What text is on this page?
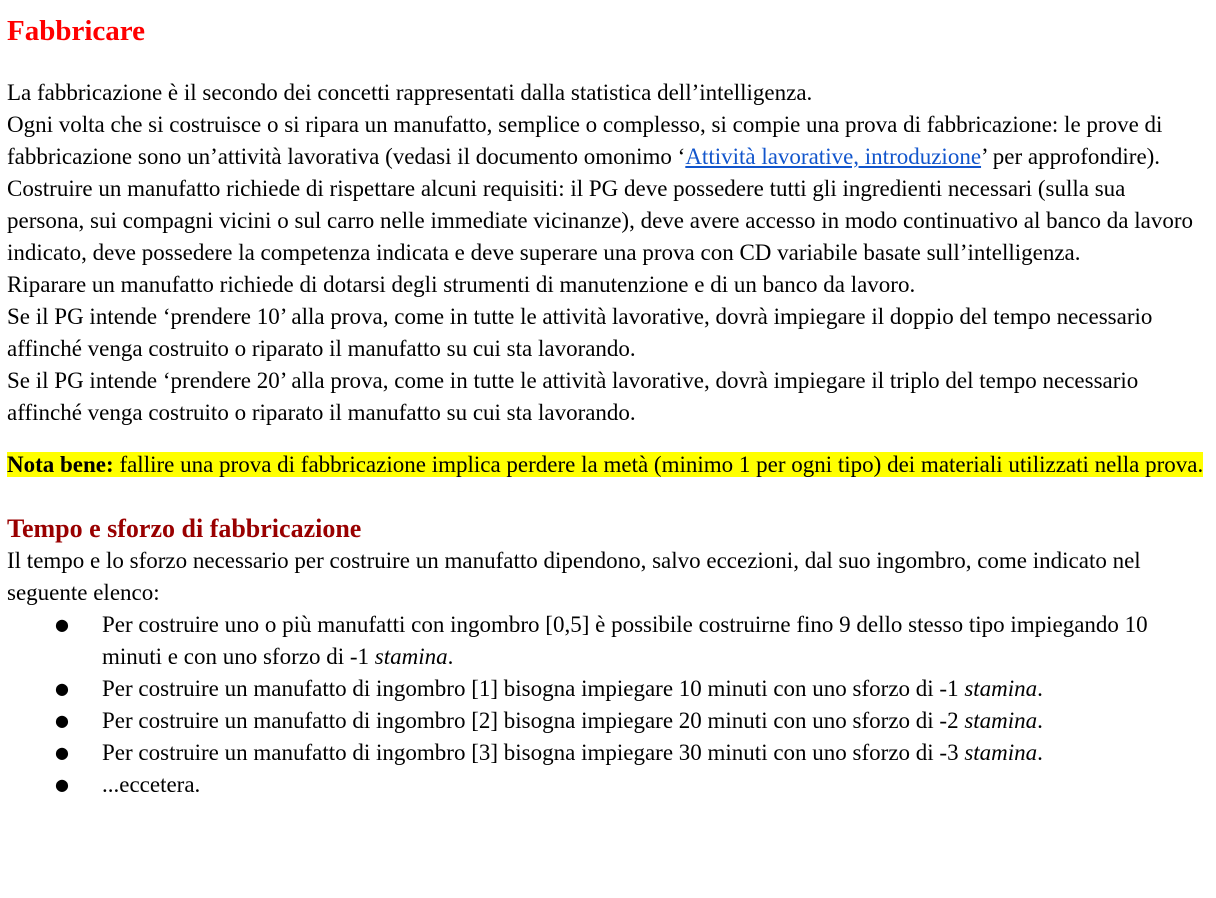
Fabbricare

La fabbricazione è il secondo dei concetti rappresentati dalla statistica dell’intelligenza.

Ogni volta che si costruisce o si ripara un manufatto, semplice o complesso, si compie una prova di fabbricazione: le prove di fabbricazione sono un’attività lavorativa (vedasi il documento omonimo ‘Attività lavorative, introduzione’ per approfondire).

Costruire un manufatto richiede di rispettare alcuni requisiti: il PG deve possedere tutti gli ingredienti necessari (sulla sua persona, sui compagni vicini o sul carro nelle immediate vicinanze), deve avere accesso in modo continuativo al banco da lavoro indicato, deve possedere la competenza indicata e deve superare una prova con CD variabile basate sull’intelligenza.

Riparare un manufatto richiede di dotarsi degli strumenti di manutenzione e di un banco da lavoro.

Se il PG intende ‘prendere 10’ alla prova, come in tutte le attività lavorative, dovrà impiegare il doppio del tempo necessario affinché venga costruito o riparato il manufatto su cui sta lavorando.

Se il PG intende ‘prendere 20’ alla prova, come in tutte le attività lavorative, dovrà impiegare il triplo del tempo necessario affinché venga costruito o riparato il manufatto su cui sta lavorando.

Nota bene: fallire una prova di fabbricazione implica perdere la metà (minimo 1 per ogni tipo) dei materiali utilizzati nella prova.

Tempo e sforzo di fabbricazione

Il tempo e lo sforzo necessario per costruire un manufatto dipendono, salvo eccezioni, dal suo ingombro, come indicato nel seguente elenco:

● Per costruire uno o più manufatti con ingombro [0,5] è possibile costruirne fino 9 dello stesso tipo impiegando 10 minuti e con uno sforzo di -1 stamina.
● Per costruire un manufatto di ingombro [1] bisogna impiegare 10 minuti con uno sforzo di -1 stamina.
● Per costruire un manufatto di ingombro [2] bisogna impiegare 20 minuti con uno sforzo di -2 stamina.
● Per costruire un manufatto di ingombro [3] bisogna impiegare 30 minuti con uno sforzo di -3 stamina.
● ...eccetera.
